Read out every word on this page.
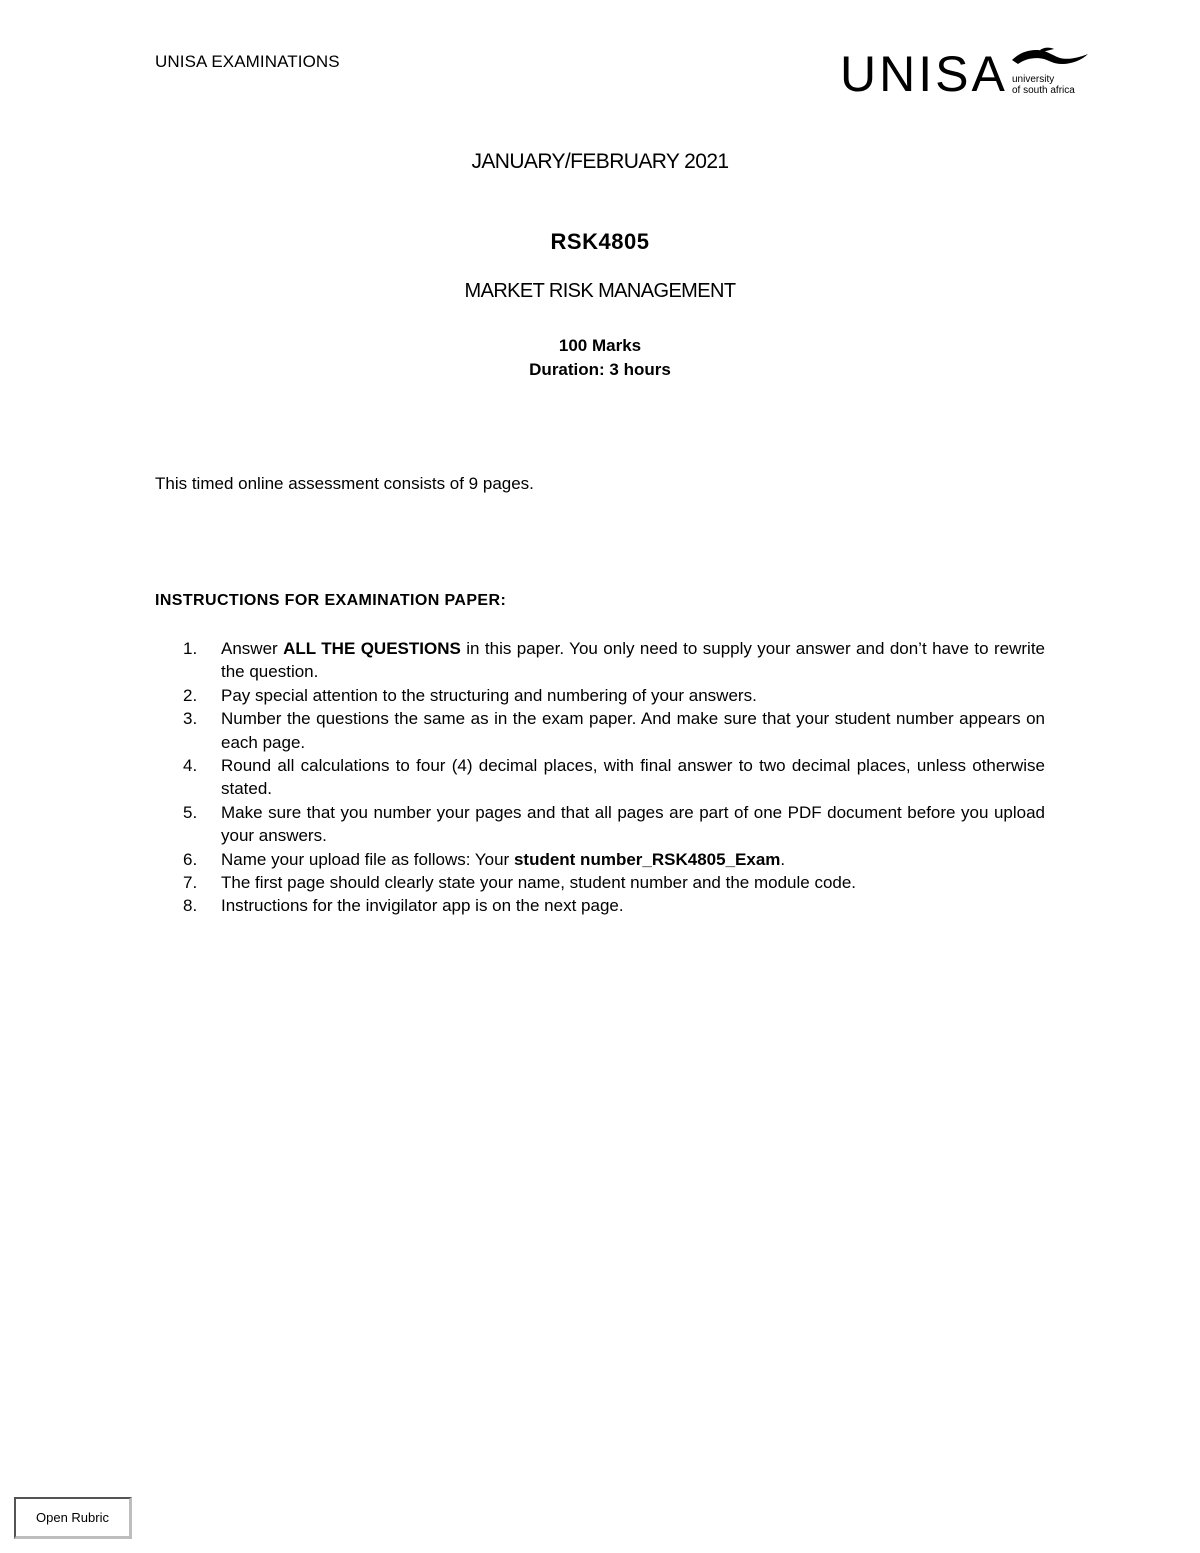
UNISA EXAMINATIONS	UNISA university
of south africa
JANUARY/FEBRUARY 2021
RSK4805
MARKET RISK MANAGEMENT
100 Marks
Duration: 3 hours
This timed online assessment consists of 9 pages.
INSTRUCTIONS FOR EXAMINATION PAPER:
1. Answer ALL THE QUESTIONS in this paper. You only need to supply your answer and don’t have to rewrite the question.
2. Pay special attention to the structuring and numbering of your answers.
3. Number the questions the same as in the exam paper. And make sure that your student number appears on each page.
4. Round all calculations to four (4) decimal places, with final answer to two decimal places, unless otherwise stated.
5. Make sure that you number your pages and that all pages are part of one PDF document before you upload your answers.
6. Name your upload file as follows: Your student number_RSK4805_Exam.
7. The first page should clearly state your name, student number and the module code.
8. Instructions for the invigilator app is on the next page.
Open Rubric
